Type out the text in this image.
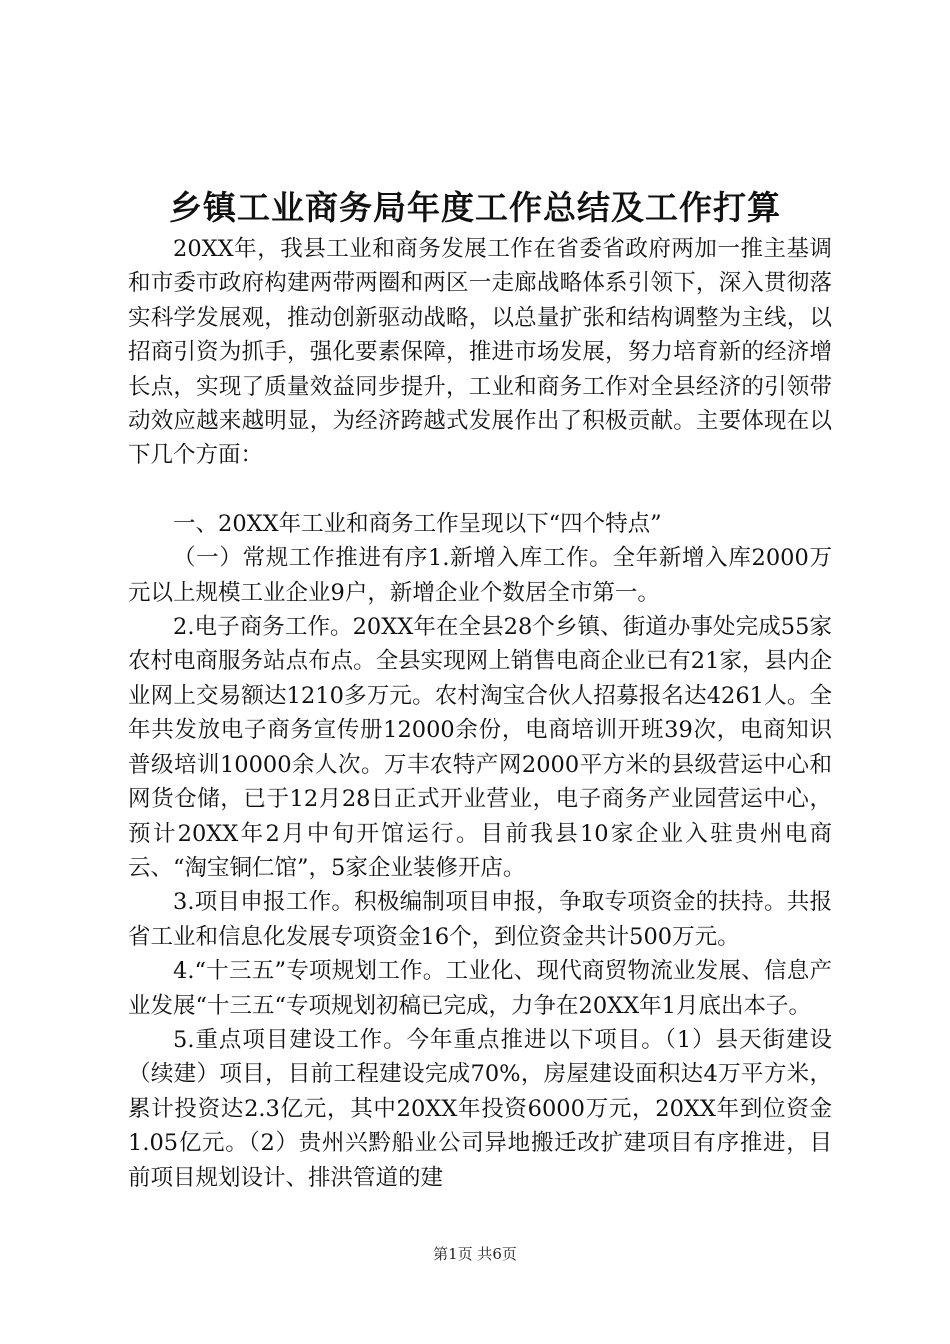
乡镇工业商务局年度工作总结及工作打算

20XX年，我县工业和商务发展工作在省委省政府两加一推主基调和市委市政府构建两带两圈和两区一走廊战略体系引领下，深入贯彻落实科学发展观，推动创新驱动战略，以总量扩张和结构调整为主线，以招商引资为抓手，强化要素保障，推进市场发展，努力培育新的经济增长点，实现了质量效益同步提升，工业和商务工作对全县经济的引领带动效应越来越明显，为经济跨越式发展作出了积极贡献。主要体现在以下几个方面：

一、20XX年工业和商务工作呈现以下“四个特点”

（一）常规工作推进有序1.新增入库工作。全年新增入库2000万元以上规模工业企业9户，新增企业个数居全市第一。

2.电子商务工作。20XX年在全县28个乡镇、街道办事处完成55家农村电商服务站点布点。全县实现网上销售电商企业已有21家，县内企业网上交易额达1210多万元。农村淘宝合伙人招募报名达4261人。全年共发放电子商务宣传册12000余份，电商培训开班39次，电商知识普级培训10000余人次。万丰农特产网2000平方米的县级营运中心和网货仓储，已于12月28日正式开业营业，电子商务产业园营运中心，预计20XX年2月中旬开馆运行。目前我县10家企业入驻贵州电商云、“淘宝铜仁馆”，5家企业装修开店。

3.项目申报工作。积极编制项目申报，争取专项资金的扶持。共报省工业和信息化发展专项资金16个，到位资金共计500万元。

4.“十三五”专项规划工作。工业化、现代商贸物流业发展、信息产业发展“十三五“专项规划初稿已完成，力争在20XX年1月底出本子。

5.重点项目建设工作。今年重点推进以下项目。（1）县天街建设（续建）项目，目前工程建设完成70%，房屋建设面积达4万平方米，累计投资达2.3亿元，其中20XX年投资6000万元，20XX年到位资金1.05亿元。（2）贵州兴黔船业公司异地搬迁改扩建项目有序推进，目前项目规划设计、排洪管道的建

第1页 共6页
